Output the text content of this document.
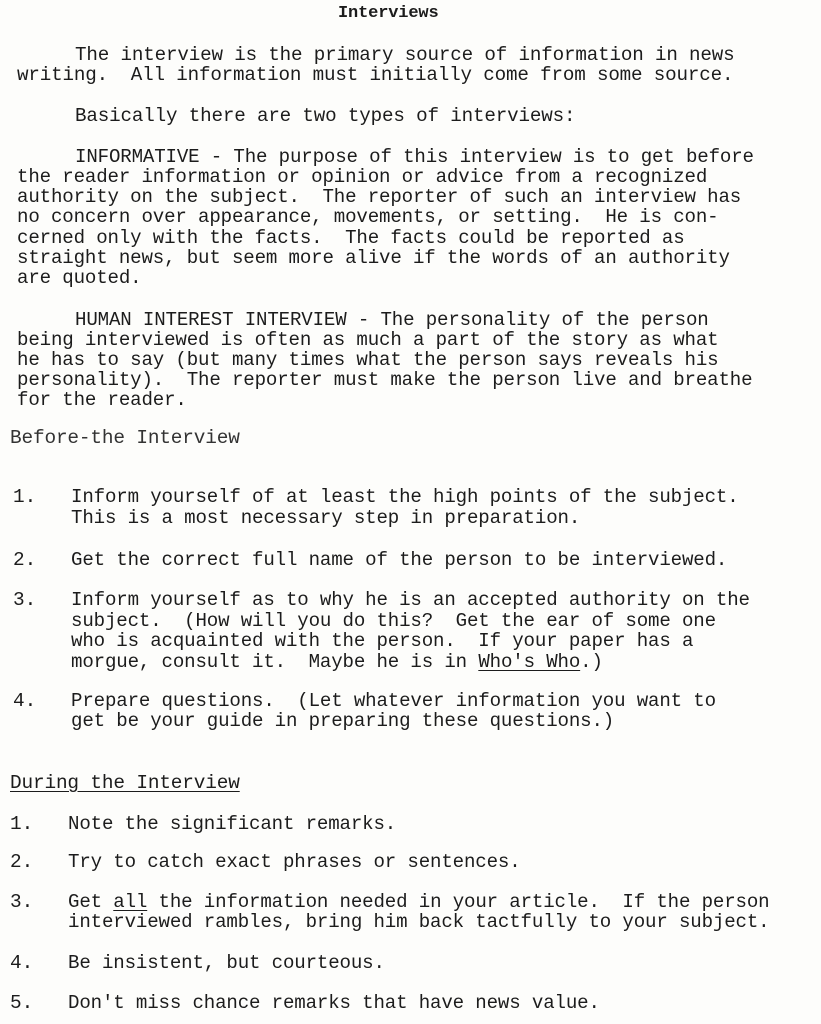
Interviews
The interview is the primary source of information in news
writing.  All information must initially come from some source.
Basically there are two types of interviews:
INFORMATIVE - The purpose of this interview is to get before
the reader information or opinion or advice from a recognized
authority on the subject.  The reporter of such an interview has
no concern over appearance, movements, or setting.  He is con-
cerned only with the facts.  The facts could be reported as
straight news, but seem more alive if the words of an authority
are quoted.
HUMAN INTEREST INTERVIEW - The personality of the person
being interviewed is often as much a part of the story as what
he has to say (but many times what the person says reveals his
personality).  The reporter must make the person live and breathe
for the reader.
Before-the Interview
1. Inform yourself of at least the high points of the subject.
This is a most necessary step in preparation.
2. Get the correct full name of the person to be interviewed.
3. Inform yourself as to why he is an accepted authority on the
subject.  (How will you do this?  Get the ear of some one
who is acquainted with the person.  If your paper has a
morgue, consult it.  Maybe he is in Who's Who.)
4. Prepare questions.  (Let whatever information you want to
get be your guide in preparing these questions.)
During the Interview
1. Note the significant remarks.
2. Try to catch exact phrases or sentences.
3. Get all the information needed in your article.  If the person
interviewed rambles, bring him back tactfully to your subject.
4. Be insistent, but courteous.
5. Don't miss chance remarks that have news value.
